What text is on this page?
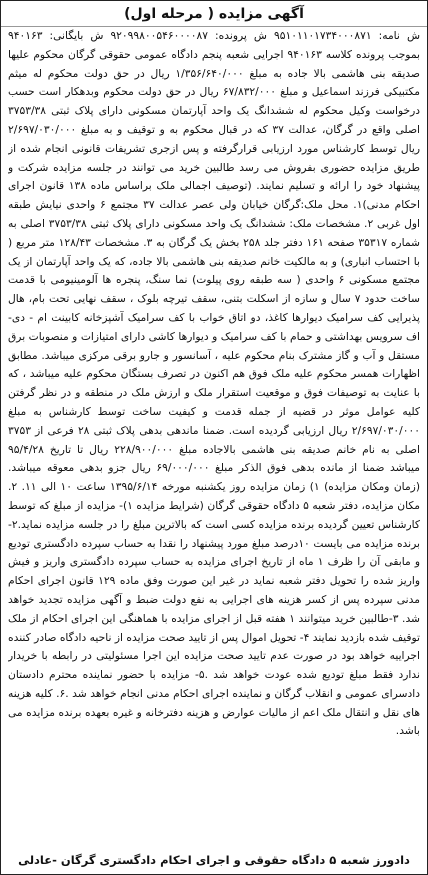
آگهی مزایده ( مرحله اول)
ش نامه: ۹۵۱۰۱۱۰۱۷۳۴۰۰۰۸۷۱ ش پرونده: ۹۲۰۹۹۸۰۰۵۴۶۰۰۰۰۸۷ ش بایگانی: ۹۴۰۱۶۳ بموجب پرونده کلاسه ۹۴۰۱۶۳ اجرایی شعبه پنجم دادگاه عمومی حقوقی گرگان محکوم علیها صدیقه بنی هاشمی بالا جاده به مبلغ ۱/۳۵۶/۶۴۰/۰۰۰ ریال در حق دولت محکوم له میثم مکتبیکی فرزند اسماعیل و مبلغ ۶۷/۸۳۲/۰۰۰ ریال در حق دولت محکوم وبدهکار است حسب درخواست وکیل محکوم له ششدانگ یک واحد آپارتمان مسکونی دارای پلاک ثبتی ۳۷۵۳/۳۸ اصلی واقع در گرگان، عدالت ۳۷ که در قبال محکوم به و توقیف و به مبلغ ۲/۶۹۷/۰۳۰/۰۰۰ ریال توسط کارشناس مورد ارزیابی قرارگرفته و پس ازجری تشریفات قانونی انجام شده از طریق مزایده حضوری بفروش می رسد طالبین خرید می توانند در جلسه مزایده شرکت و پیشنهاد خود را ارائه و تسلیم نمایند. (توصیف اجمالی ملک براساس ماده ۱۳۸ قانون اجرای احکام مدنی)۱. محل ملک:گرگان خیابان ولی عصر عدالت ۳۷ مجتمع ۶ واحدی نیایش طبقه اول غربی ۲. مشخصات ملک: ششدانگ یک واحد مسکونی دارای پلاک ثبتی ۳۷۵۳/۳۸ اصلی به شماره ۳۵۳۱۷ صفحه ۱۶۱ دفتر جلد ۲۵۸ بخش یک گرگان به ۳. مشخصات ۱۲۸/۴۳ متر مربع ( با احتساب انباری) و به مالکیت خانم صدیقه بنی هاشمی بالا جاده، که یک واحد آپارتمان از یک مجتمع مسکونی ۶ واحدی ( سه طبقه روی پیلوت) نما سنگ، پنجره ها آلومینیومی با قدمت ساخت حدود ۷ سال و سازه از اسکلت بتنی، سقف تیرچه بلوک ، سقف نهایی تحت بام، هال پذیرایی کف سرامیک دیوارها کاغذ، دو اتاق خواب با کف سرامیک آشپزخانه کابینت ام - دی- اف سرویس بهداشتی و حمام با کف سرامیک و دیوارها کاشی دارای امتیازات و منصوبات برق مستقل و آب و گاز مشترک بنام محکوم علیه ، آسانسور و جارو برقی مرکزی میباشد. مطابق اظهارات همسر محکوم علیه ملک فوق هم اکنون در تصرف بستگان محکوم علیه میباشد ، که با عنایت به توصیفات فوق و موقعیت استقرار ملک و ارزش ملک در منطقه و در نظر گرفتن کلیه عوامل موثر در قضیه از جمله قدمت و کیفیت ساخت توسط کارشناس به مبلغ ۲/۶۹۷/۰۳۰/۰۰۰ ریال ارزیابی گردیده است. ضمنا ماندهی بدهی پلاک ثبتی ۲۸ فرعی از ۳۷۵۳ اصلی به نام خانم صدیقه بنی هاشمی بالاجاده مبلغ ۲۲۸/۹۰۰/۰۰۰ ریال تا تاریخ ۹۵/۴/۲۸ میباشد ضمنا از مانده بدهی فوق الذکر مبلغ ۶۹/۰۰۰/۰۰۰ ریال جزو بدهی معوقه میباشد. (زمان ومکان مزایده) ۱) زمان مزایده روز یکشنبه مورخه ۱۳۹۵/۶/۱۴ ساعت ۱۰ الی ۱۱. ۲. مکان مزایده، دفتر شعبه ۵ دادگاه حقوقی گرگان (شرایط مزایده ۱)- مزایده از مبلغ که توسط کارشناس تعیین گردیده برنده مزایده کسی است که بالاترین مبلغ را در جلسه مزایده نماید.۲-برنده مزایده می بایست ۱۰درصد مبلغ مورد پیشنهاد را نقدا به حساب سپرده دادگستری تودیع و مابقی آن را ظرف ۱ ماه از تاریخ اجرای مزایده به حساب سپرده دادگستری واریز و فیش واریز شده را تحویل دفتر شعبه نماید در غیر این صورت وفق ماده ۱۲۹ قانون اجرای احکام مدنی سپرده پس از کسر هزینه های اجرایی به نفع دولت ضبط و آگهی مزایده تجدید خواهد شد. ۳-طالبین خرید میتوانند ۱ هفته قبل از اجرای مزایده با هماهنگی این اجرای احکام از ملک توقیف شده بازدید نمایند ۴- تحویل اموال پس از تایید صحت مزایده از ناحیه دادگاه صادر کننده اجراییه خواهد بود در صورت عدم تایید صحت مزایده این اجرا مسئولیتی در رابطه با خریدار ندارد فقط مبلغ تودیع شده عودت خواهد شد .۵- مزایده با حضور نماینده محترم دادستان دادسرای عمومی و انقلاب گرگان و نماینده اجرای احکام مدنی انجام خواهد شد .۶. کلیه هزینه های نقل و انتقال ملک اعم از مالیات عوارض و هزینه دفترخانه و غیره بعهده برنده مزایده می باشد.
دادورز شعبه ۵ دادگاه حقوقی و اجرای احکام دادگستری گرگان -عادلی
